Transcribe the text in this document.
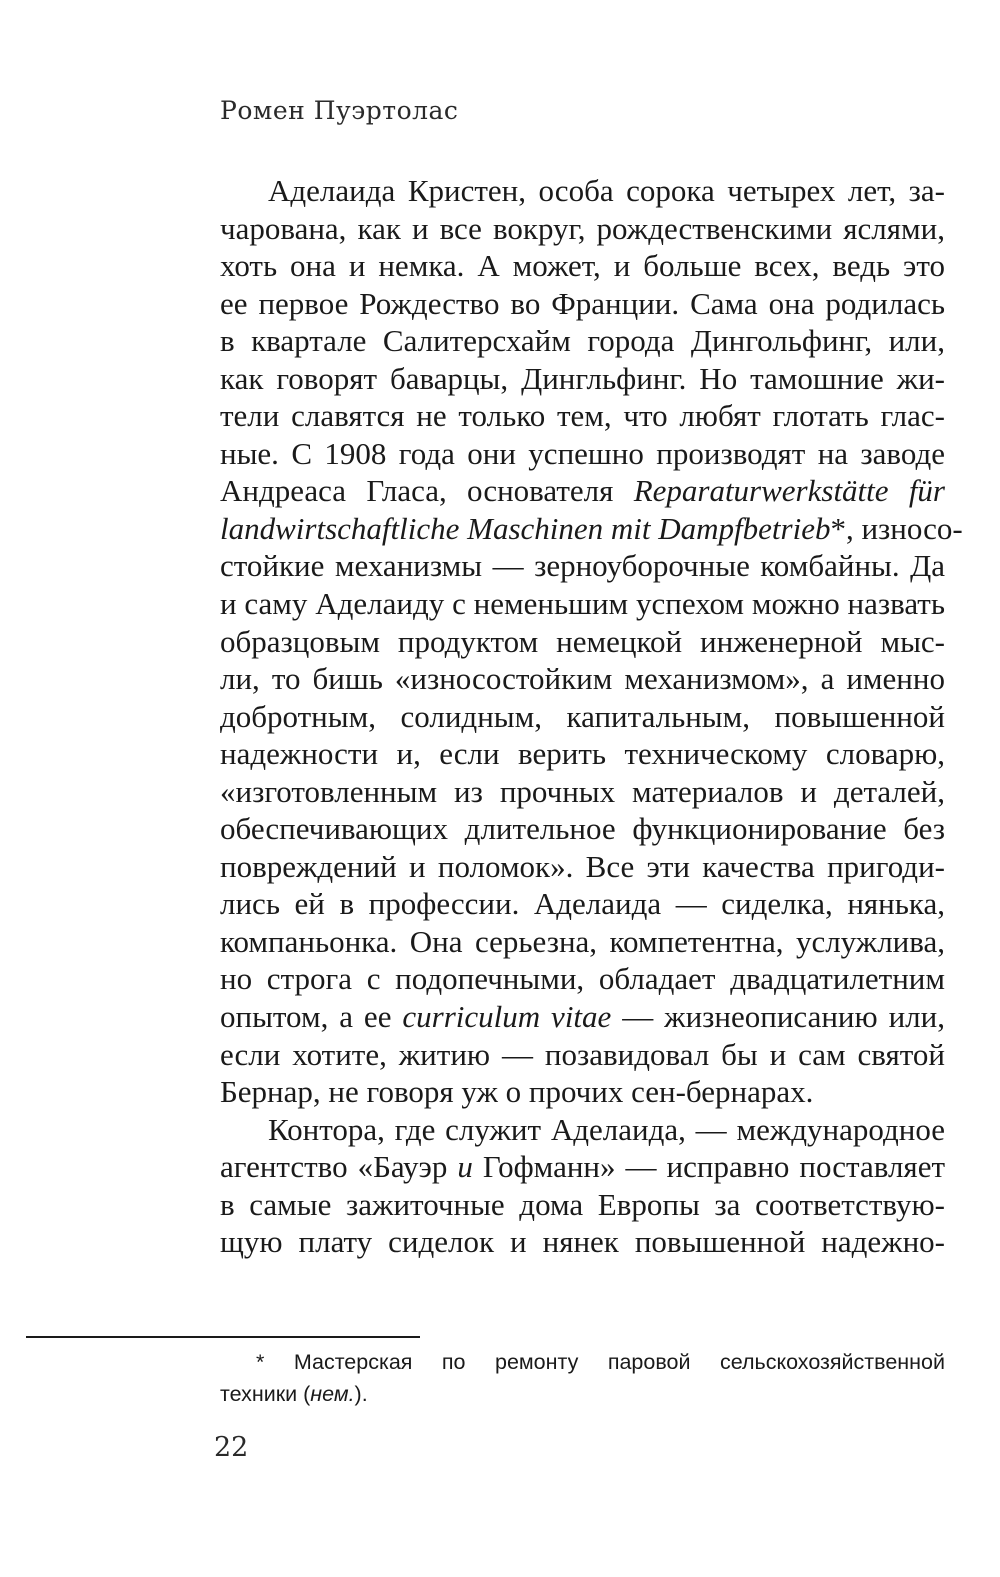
Ромен Пуэртолас
Аделаида Кристен, особа сорока четырех лет, за-
чарована, как и все вокруг, рождественскими яслями,
хоть она и немка. А может, и больше всех, ведь это
ее первое Рождество во Франции. Сама она родилась
в квартале Салитерсхайм города Дингольфинг, или,
как говорят баварцы, Дингльфинг. Но тамошние жи-
тели славятся не только тем, что любят глотать глас-
ные. С 1908 года они успешно производят на заводе
Андреаса Гласа, основателя Reparaturwerkstätte für
landwirtschaftliche Maschinen mit Dampfbetrieb*, износо-
стойкие механизмы — зерноуборочные комбайны. Да
и саму Аделаиду с неменьшим успехом можно назвать
образцовым продуктом немецкой инженерной мыс-
ли, то бишь «износостойким механизмом», а именно
добротным, солидным, капитальным, повышенной
надежности и, если верить техническому словарю,
«изготовленным из прочных материалов и деталей,
обеспечивающих длительное функционирование без
повреждений и поломок». Все эти качества пригоди-
лись ей в профессии. Аделаида — сиделка, нянька,
компаньонка. Она серьезна, компетентна, услужлива,
но строга с подопечными, обладает двадцатилетним
опытом, а ее curriculum vitae — жизнеописанию или,
если хотите, житию — позавидовал бы и сам святой
Бернар, не говоря уж о прочих сен-бернарах.
Контора, где служит Аделаида, — международное
агентство «Бауэр и Гофманн» — исправно поставляет
в самые зажиточные дома Европы за соответствую-
щую плату сиделок и нянек повышенной надежно-
* Мастерская по ремонту паровой сельскохозяйственной
техники (нем.).
22
